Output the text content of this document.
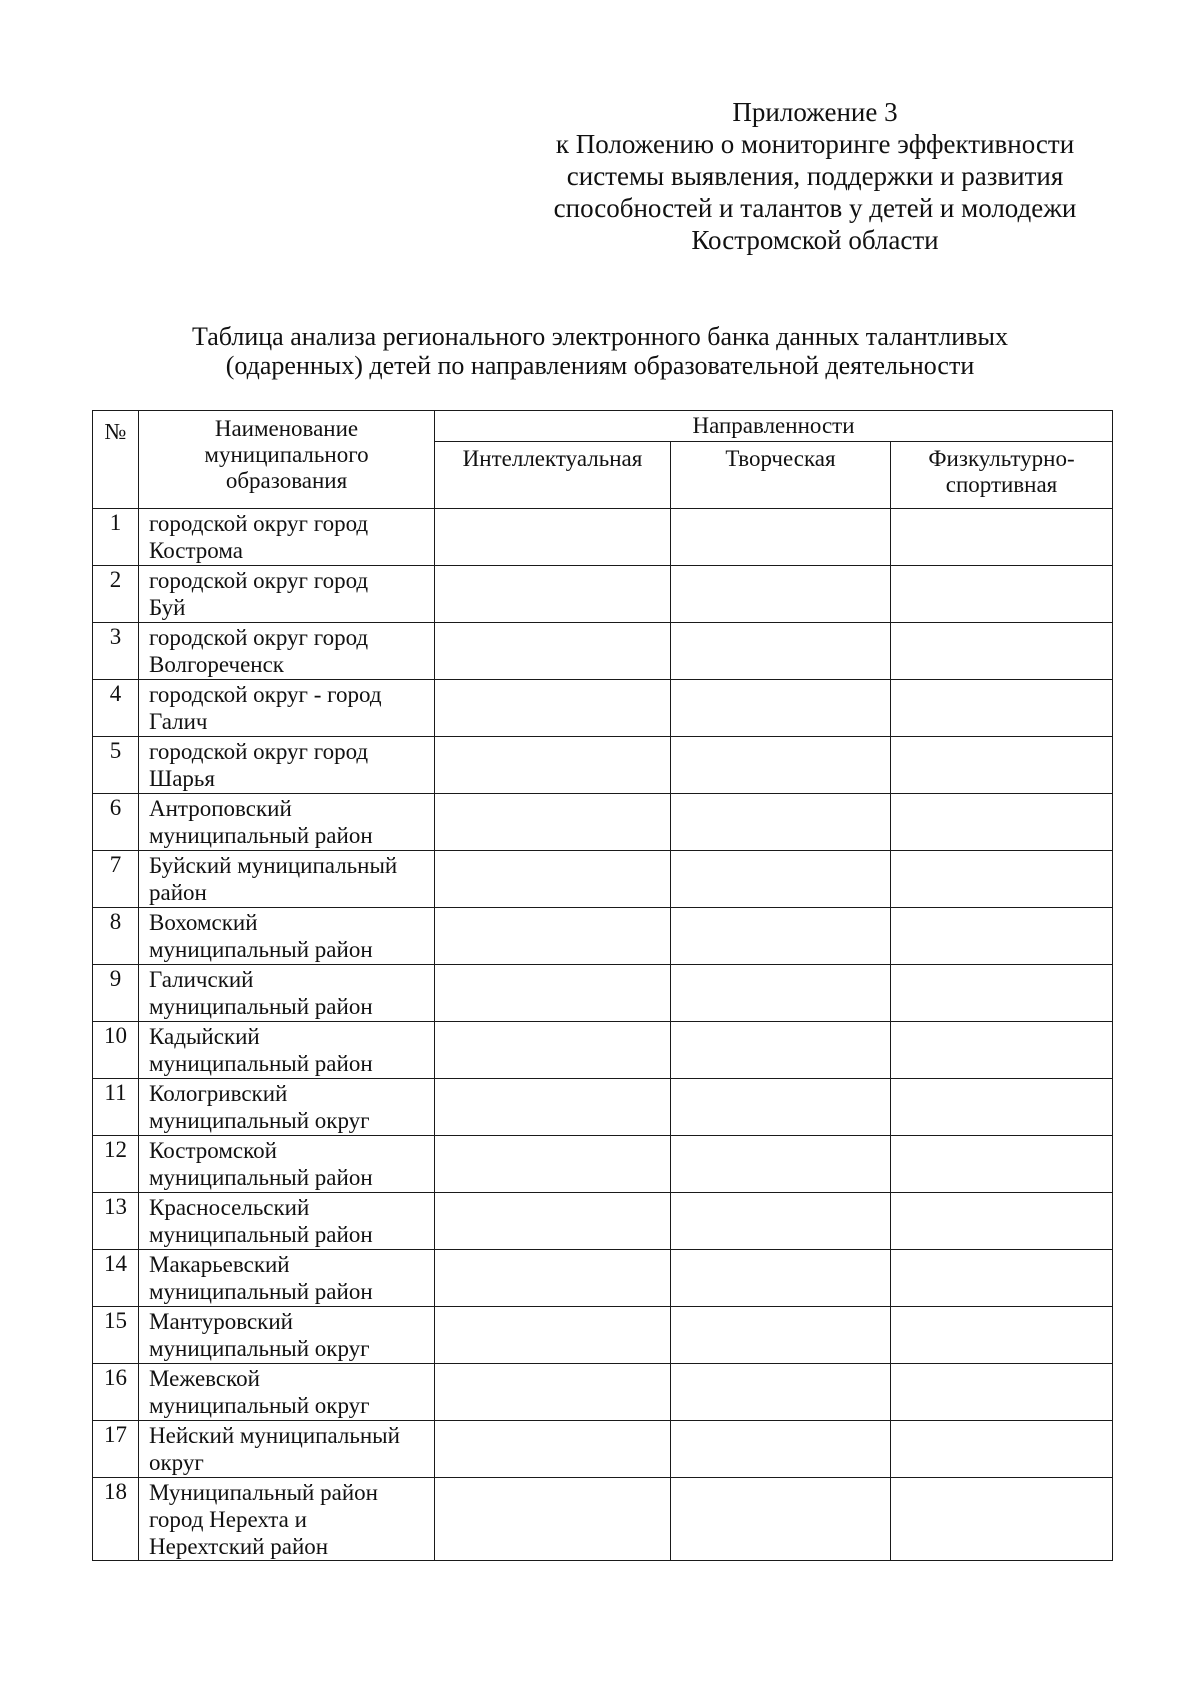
Приложение 3
к Положению о мониторинге эффективности
системы выявления, поддержки и развития
способностей и талантов у детей и молодежи
Костромской области
Таблица анализа регионального электронного банка данных талантливых
(одаренных) детей по направлениям образовательной деятельности
№	Наименование
муниципального
образования	Направленности		
		Интеллектуальная	Творческая	Физкультурно-
спортивная

1	городской округ город
Кострома			

2	городской округ город
Буй			

3	городской округ город
Волгореченск			

4	городской округ - город
Галич			

5	городской округ город
Шарья			

6	Антроповский
муниципальный район			

7	Буйский муниципальный
район			

8	Вохомский
муниципальный район			

9	Галичский
муниципальный район			

10	Кадыйский
муниципальный район			

11	Кологривский
муниципальный округ			

12	Костромской
муниципальный район			

13	Красносельский
муниципальный район			

14	Макарьевский
муниципальный район			

15	Мантуровский
муниципальный округ			

16	Межевской
муниципальный округ			

17	Нейский муниципальный
округ			

18	Муниципальный район
город Нерехта и
Нерехтский район			
